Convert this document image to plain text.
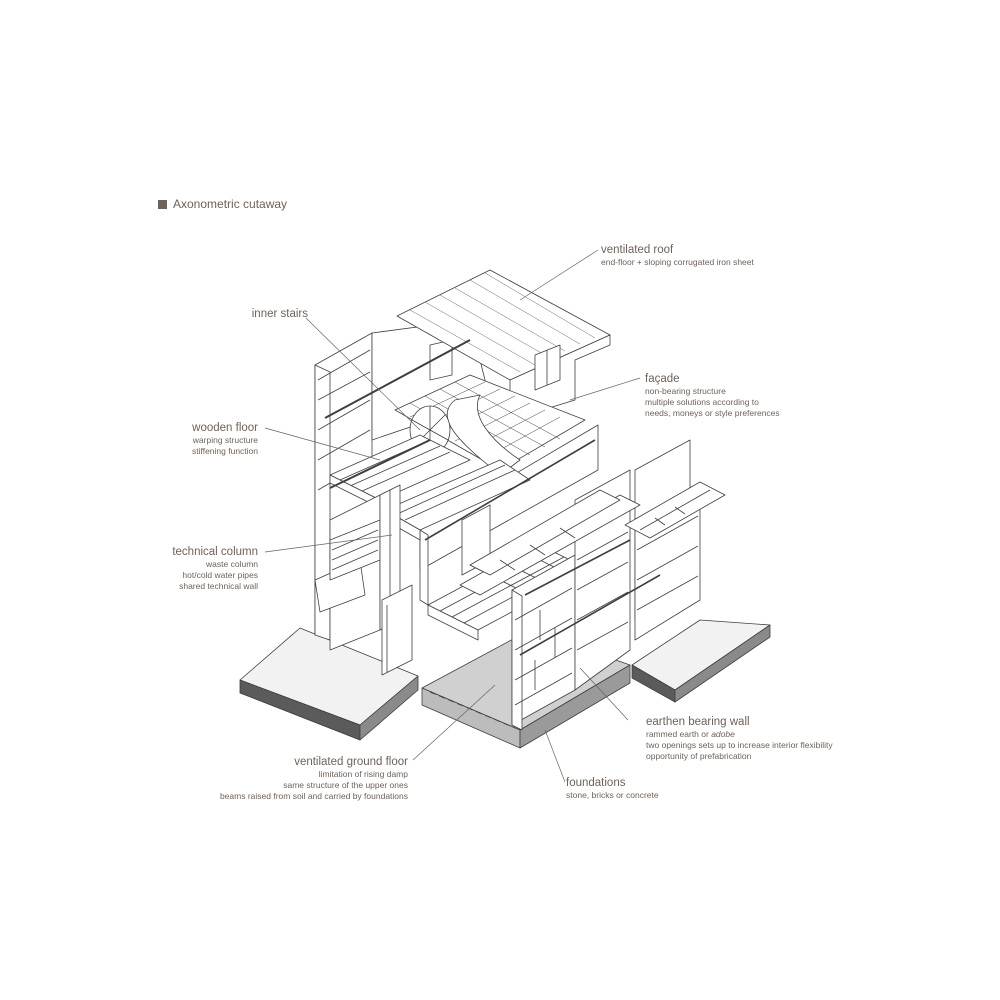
Axonometric cutaway
ventilated roof
end-floor + sloping corrugated iron sheet
inner stairs
façade
non-bearing structure
multiple solutions according to
needs, moneys or style preferences
wooden floor
warping structure
stiffening function
technical column
waste column
hot/cold water pipes
shared technical wall
earthen bearing wall
rammed earth or adobe
two openings sets up to increase interior flexibility
opportunity of prefabrication
ventilated ground floor
limitation of rising damp
same structure of the upper ones
beams raised from soil and carried by foundations
foundations
stone, bricks or concrete
